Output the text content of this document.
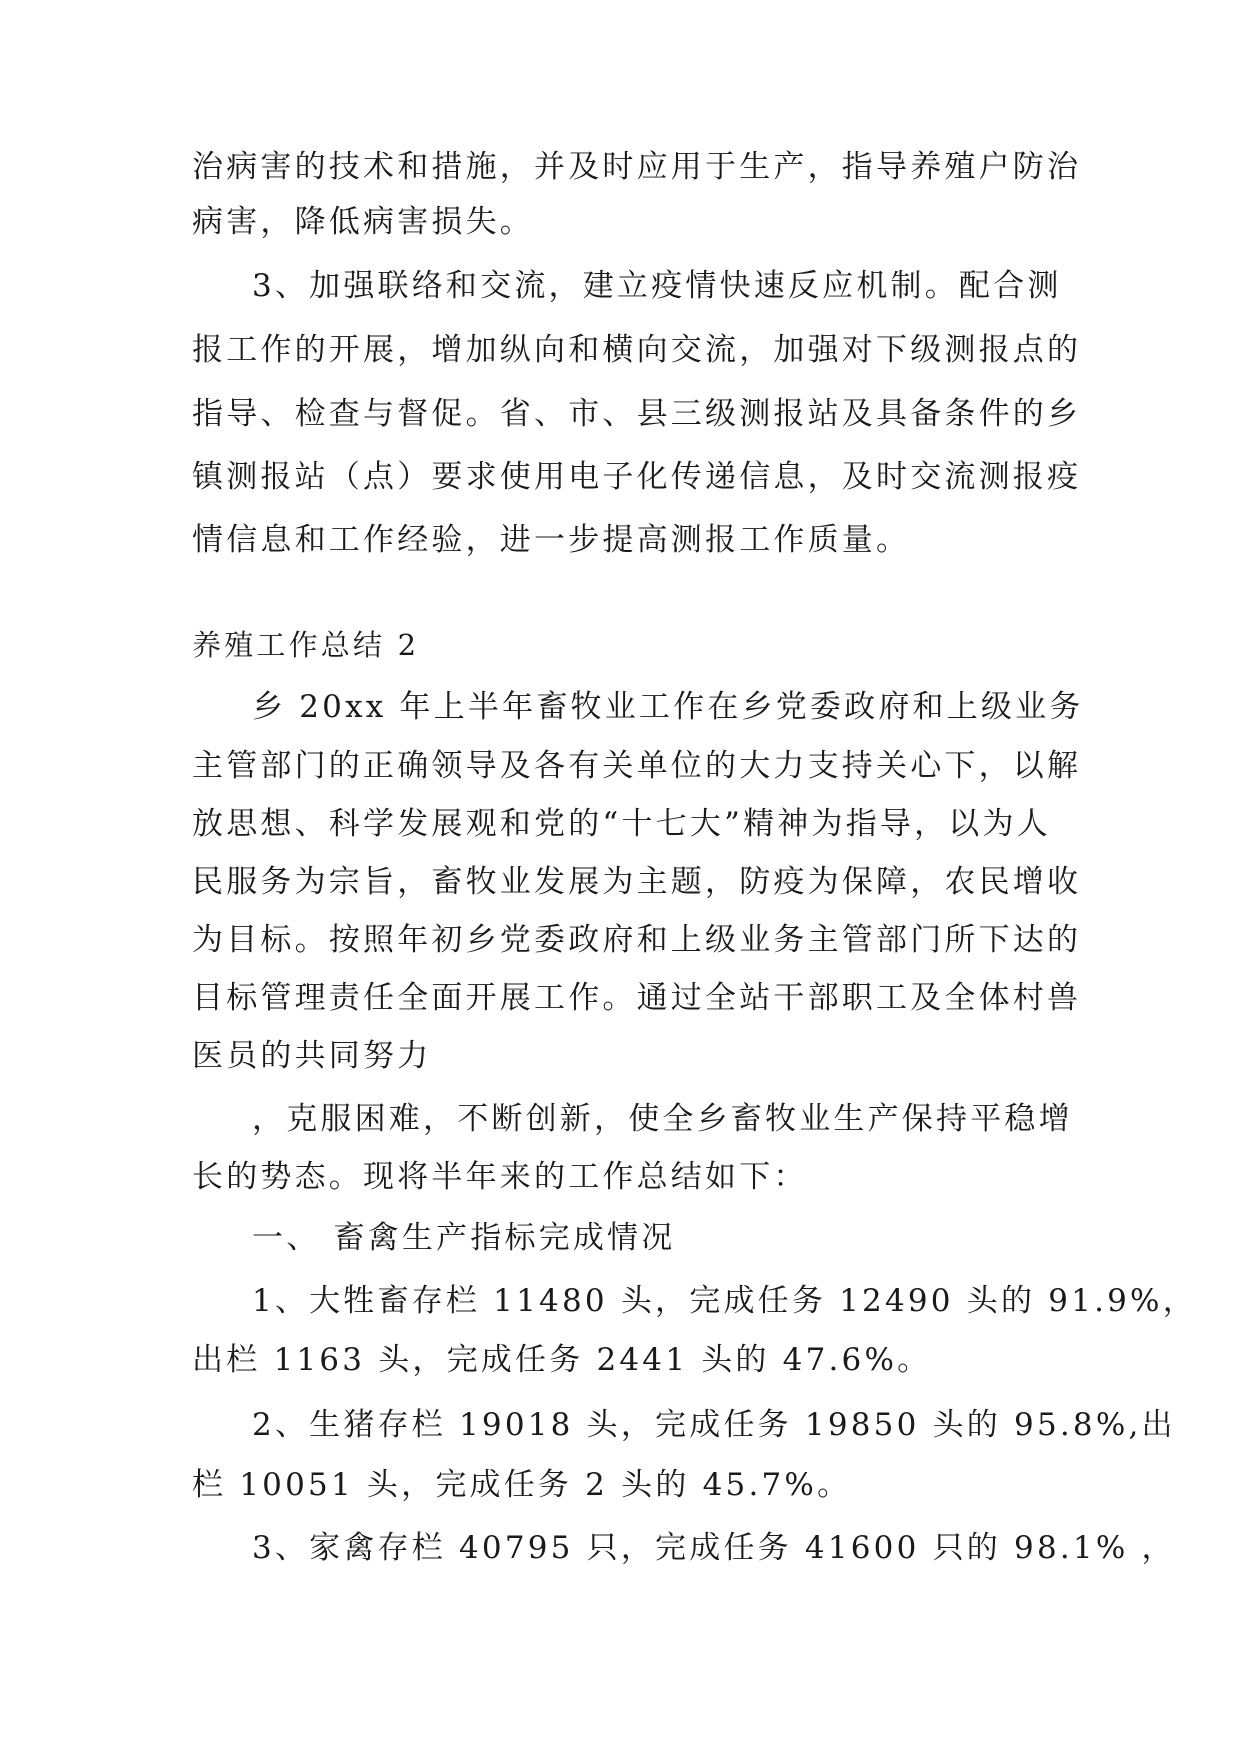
治病害的技术和措施，并及时应用于生产，指导养殖户防治
病害，降低病害损失。
3、加强联络和交流，建立疫情快速反应机制。配合测
报工作的开展，增加纵向和横向交流，加强对下级测报点的
指导、检查与督促。省、市、县三级测报站及具备条件的乡
镇测报站（点）要求使用电子化传递信息，及时交流测报疫
情信息和工作经验，进一步提高测报工作质量。
养殖工作总结 2
乡 20xx 年上半年畜牧业工作在乡党委政府和上级业务
主管部门的正确领导及各有关单位的大力支持关心下，以解
放思想、科学发展观和党的“十七大”精神为指导，以为人
民服务为宗旨，畜牧业发展为主题，防疫为保障，农民增收
为目标。按照年初乡党委政府和上级业务主管部门所下达的
目标管理责任全面开展工作。通过全站干部职工及全体村兽
医员的共同努力
，克服困难，不断创新，使全乡畜牧业生产保持平稳增
长的势态。现将半年来的工作总结如下：
一、 畜禽生产指标完成情况
1、大牲畜存栏 11480 头，完成任务 12490 头的 91.9%，
出栏 1163 头，完成任务 2441 头的 47.6%。
2、生猪存栏 19018 头，完成任务 19850 头的 95.8%,出
栏 10051 头，完成任务 2 头的 45.7%。
3、家禽存栏 40795 只，完成任务 41600 只的 98.1% ，
